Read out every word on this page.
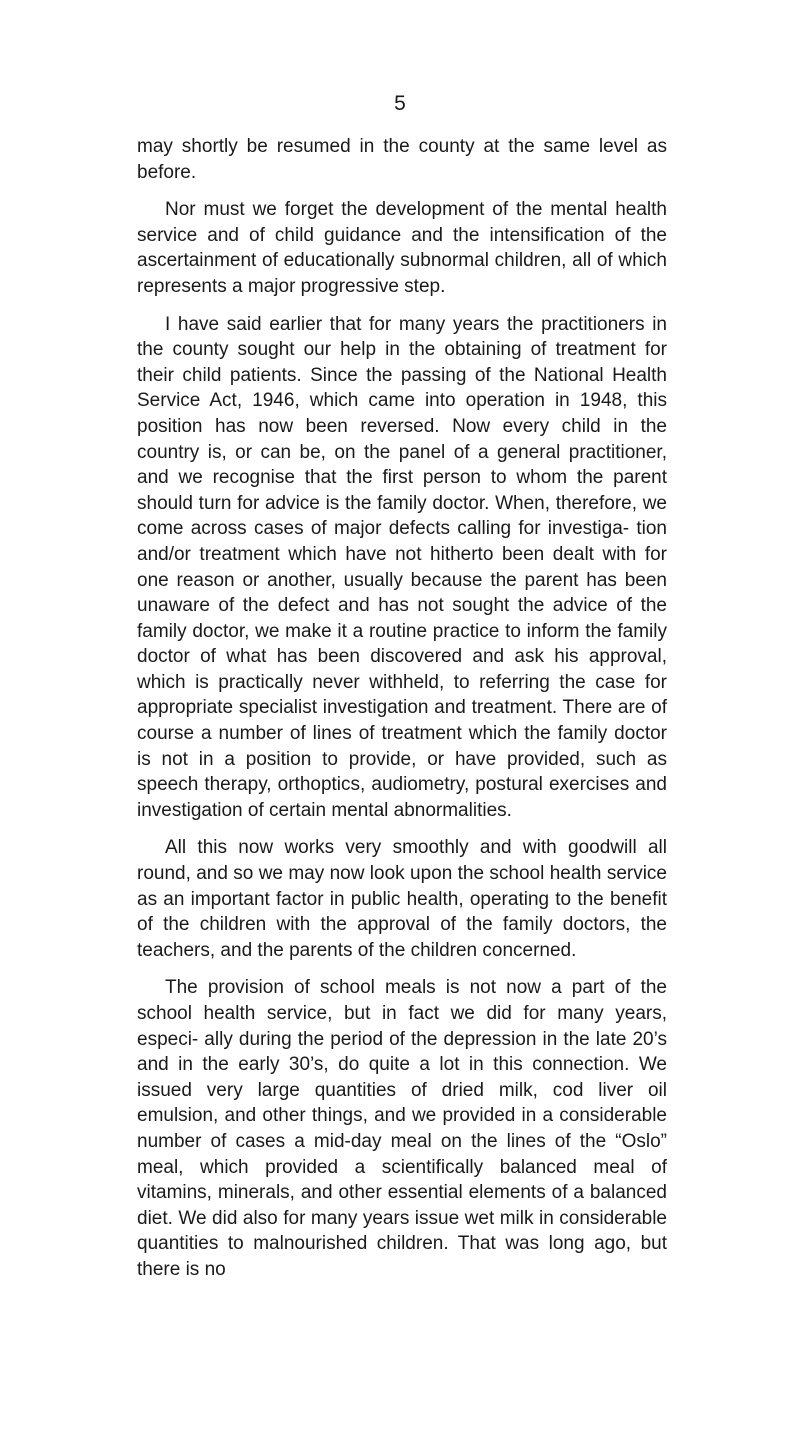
5

may shortly be resumed in the county at the same level as before.

Nor must we forget the development of the mental health service and of child guidance and the intensification of the ascertainment of educationally subnormal children, all of which represents a major progressive step.

I have said earlier that for many years the practitioners in the county sought our help in the obtaining of treatment for their child patients. Since the passing of the National Health Service Act, 1946, which came into operation in 1948, this position has now been reversed. Now every child in the country is, or can be, on the panel of a general practitioner, and we recognise that the first person to whom the parent should turn for advice is the family doctor. When, therefore, we come across cases of major defects calling for investiga- tion and/or treatment which have not hitherto been dealt with for one reason or another, usually because the parent has been unaware of the defect and has not sought the advice of the family doctor, we make it a routine practice to inform the family doctor of what has been discovered and ask his approval, which is practically never withheld, to referring the case for appropriate specialist investigation and treatment. There are of course a number of lines of treatment which the family doctor is not in a position to provide, or have provided, such as speech therapy, orthoptics, audiometry, postural exercises and investigation of certain mental abnormalities.

All this now works very smoothly and with goodwill all round, and so we may now look upon the school health service as an important factor in public health, operating to the benefit of the children with the approval of the family doctors, the teachers, and the parents of the children concerned.

The provision of school meals is not now a part of the school health service, but in fact we did for many years, especi- ally during the period of the depression in the late 20’s and in the early 30’s, do quite a lot in this connection. We issued very large quantities of dried milk, cod liver oil emulsion, and other things, and we provided in a considerable number of cases a mid-day meal on the lines of the “Oslo” meal, which provided a scientifically balanced meal of vitamins, minerals, and other essential elements of a balanced diet. We did also for many years issue wet milk in considerable quantities to malnourished children. That was long ago, but there is no
